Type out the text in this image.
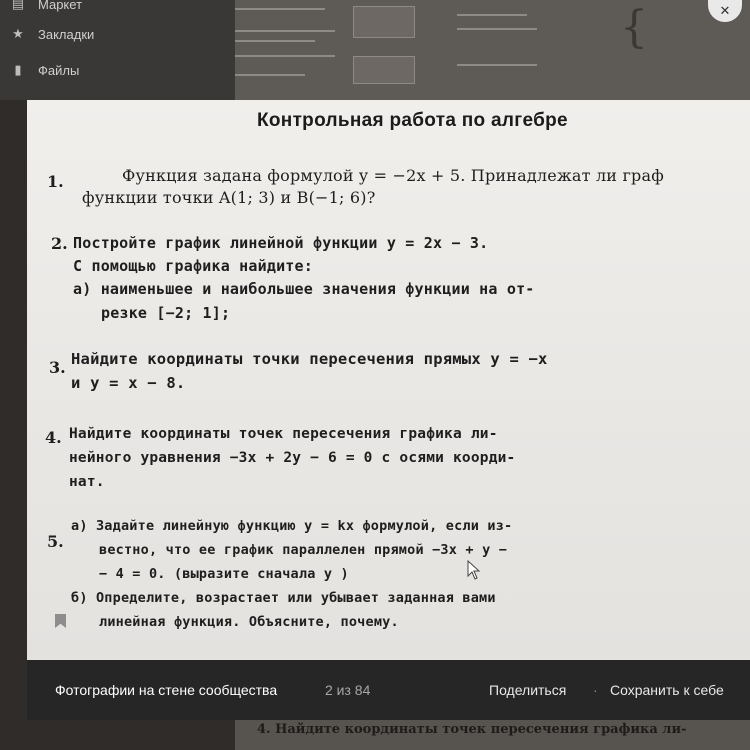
▤ Маркет
★ Закладки
▮	Файлы
{	✕
Контрольная работа по алгебре
1.	Функция задана формулой y = −2x + 5. Принадлежат ли граф
функции точки A(1; 3) и B(−1; 6)?
2. Постройте график линейной функции y = 2x − 3.
С помощью графика найдите:
а) наименьшее и наибольшее значения функции на от-
резке [−2; 1];
3. Найдите координаты точки пересечения прямых y = −x
и y = x − 8.
4. Найдите координаты точек пересечения графика ли-
нейного уравнения −3x + 2y − 6 = 0 с осями коорди-
нат.
5.
а) Задайте линейную функцию y = kx формулой, если из-
вестно, что ее график параллелен прямой −3x + y −
− 4 = 0. (выразите сначала y )
б) Определите, возрастает или убывает заданная вами
линейная функция. Объясните, почему.
Фотографии на стене сообщества	2 из 84	Поделиться · Сохранить к себе
4. Найдите координаты точек пересечения графика ли-
